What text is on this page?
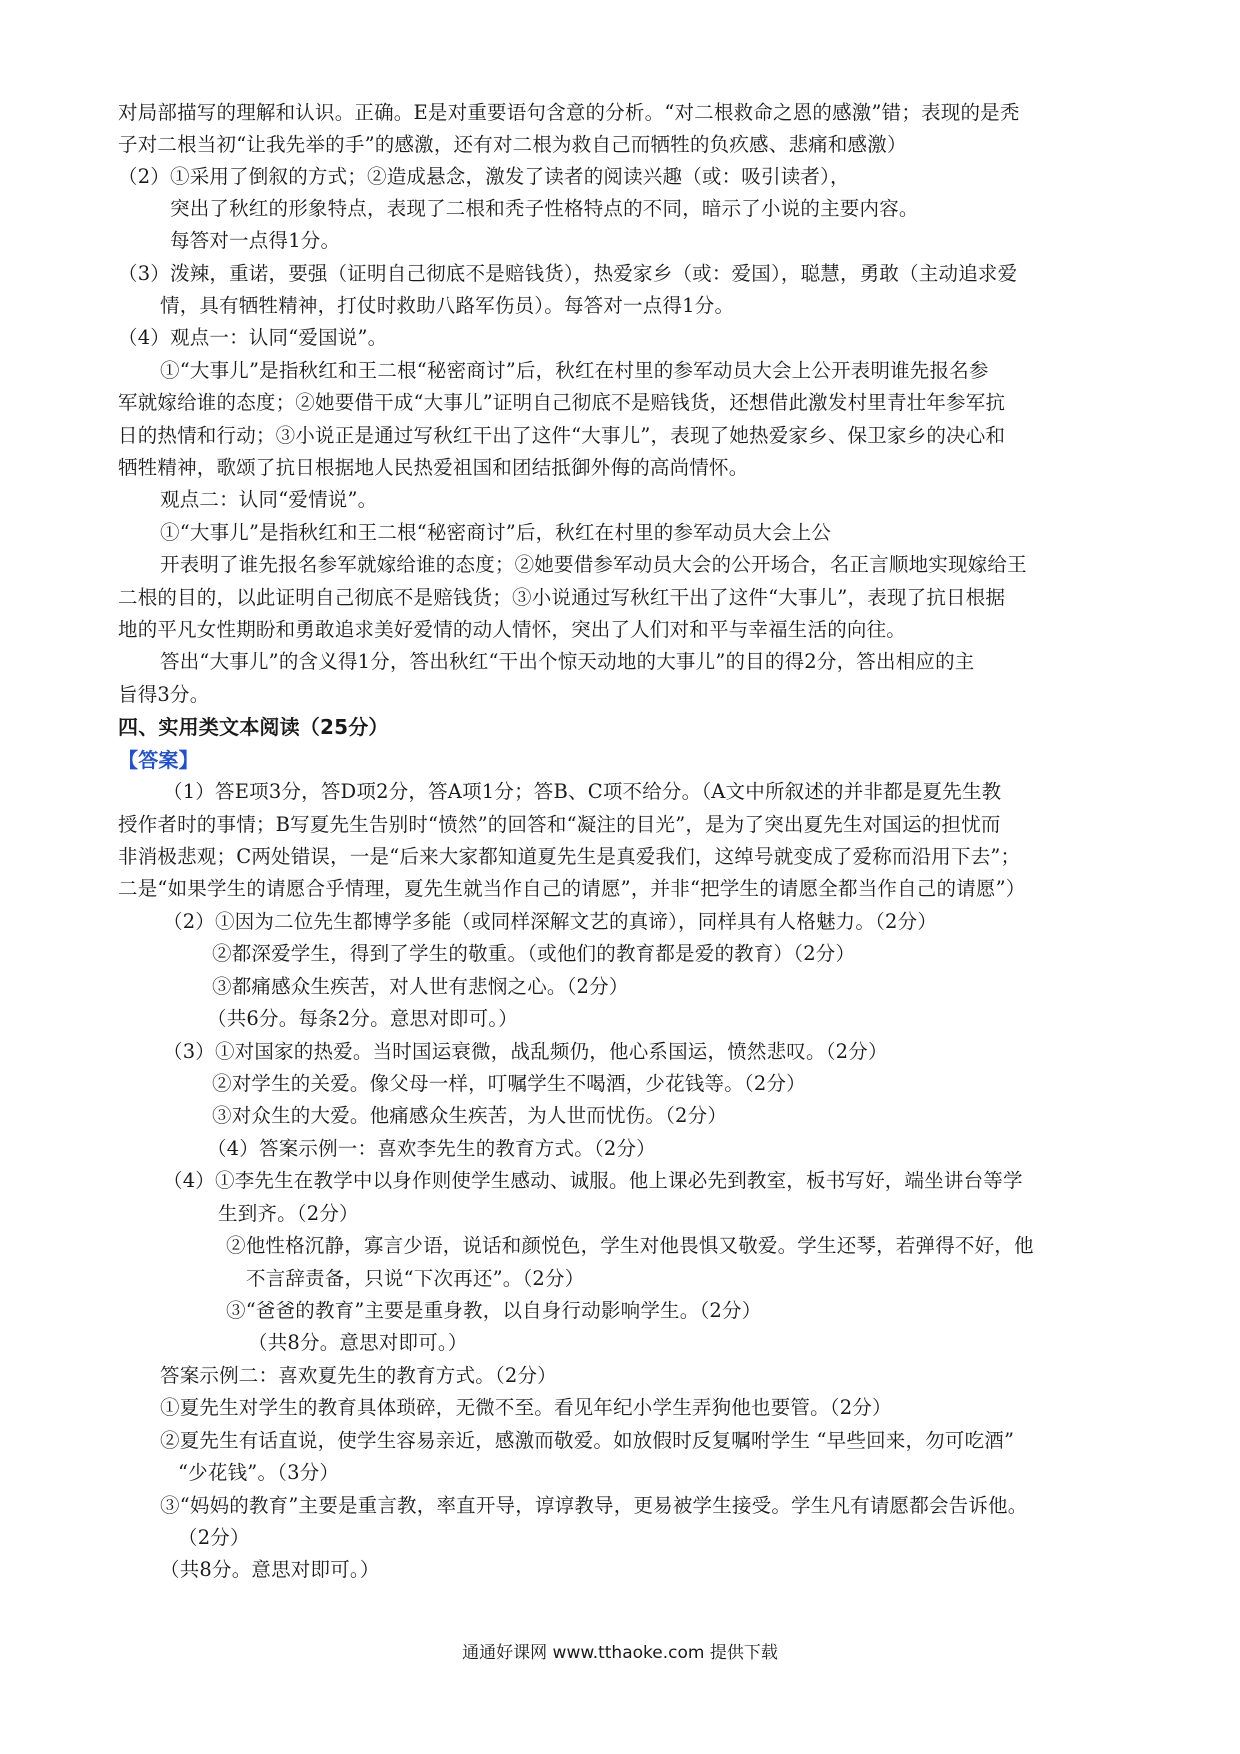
对局部描写的理解和认识。正确。E是对重要语句含意的分析。“对二根救命之恩的感激”错；表现的是秃
子对二根当初“让我先举的手”的感激，还有对二根为救自己而牺牲的负疚感、悲痛和感激）
（2）①采用了倒叙的方式；②造成悬念，激发了读者的阅读兴趣（或：吸引读者），
突出了秋红的形象特点，表现了二根和秃子性格特点的不同，暗示了小说的主要内容。
每答对一点得1分。
（3）泼辣，重诺，要强（证明自己彻底不是赔钱货），热爱家乡（或：爱国），聪慧，勇敢（主动追求爱
情，具有牺牲精神，打仗时救助八路军伤员）。每答对一点得1分。
（4）观点一：认同“爱国说”。
①“大事儿”是指秋红和王二根“秘密商讨”后，秋红在村里的参军动员大会上公开表明谁先报名参
军就嫁给谁的态度；②她要借干成“大事儿”证明自己彻底不是赔钱货，还想借此激发村里青壮年参军抗
日的热情和行动；③小说正是通过写秋红干出了这件“大事儿”，表现了她热爱家乡、保卫家乡的决心和
牺牲精神，歌颂了抗日根据地人民热爱祖国和团结抵御外侮的高尚情怀。
观点二：认同“爱情说”。
①“大事儿”是指秋红和王二根“秘密商讨”后，秋红在村里的参军动员大会上公
开表明了谁先报名参军就嫁给谁的态度；②她要借参军动员大会的公开场合，名正言顺地实现嫁给王
二根的目的，以此证明自己彻底不是赔钱货；③小说通过写秋红干出了这件“大事儿”，表现了抗日根据
地的平凡女性期盼和勇敢追求美好爱情的动人情怀，突出了人们对和平与幸福生活的向往。
答出“大事儿”的含义得1分，答出秋红“干出个惊天动地的大事儿”的目的得2分，答出相应的主
旨得3分。
四、实用类文本阅读（25分）
【答案】
（1）答E项3分，答D项2分，答A项1分；答B、C项不给分。（A文中所叙述的并非都是夏先生教
授作者时的事情；B写夏先生告别时“愤然”的回答和“凝注的目光”，是为了突出夏先生对国运的担忧而
非消极悲观；C两处错误，一是“后来大家都知道夏先生是真爱我们，这绰号就变成了爱称而沿用下去”；
二是“如果学生的请愿合乎情理，夏先生就当作自己的请愿”，并非“把学生的请愿全都当作自己的请愿”）
（2）①因为二位先生都博学多能（或同样深解文艺的真谛），同样具有人格魅力。（2分）
②都深爱学生，得到了学生的敬重。（或他们的教育都是爱的教育）（2分）
③都痛感众生疾苦，对人世有悲悯之心。（2分）
（共6分。每条2分。意思对即可。）
（3）①对国家的热爱。当时国运衰微，战乱频仍，他心系国运，愤然悲叹。（2分）
②对学生的关爱。像父母一样，叮嘱学生不喝酒，少花钱等。（2分）
③对众生的大爱。他痛感众生疾苦，为人世而忧伤。（2分）
（4）答案示例一：喜欢李先生的教育方式。（2分）
（4）①李先生在教学中以身作则使学生感动、诚服。他上课必先到教室，板书写好，端坐讲台等学
生到齐。（2分）
②他性格沉静，寡言少语，说话和颜悦色，学生对他畏惧又敬爱。学生还琴，若弹得不好，他
不言辞责备，只说“下次再还”。（2分）
③“爸爸的教育”主要是重身教，以自身行动影响学生。（2分）
（共8分。意思对即可。）
答案示例二：喜欢夏先生的教育方式。（2分）
①夏先生对学生的教育具体琐碎，无微不至。看见年纪小学生弄狗他也要管。（2分）
②夏先生有话直说，使学生容易亲近，感激而敬爱。如放假时反复嘱咐学生 “早些回来，勿可吃酒”
“少花钱”。（3分）
③“妈妈的教育”主要是重言教，率直开导，谆谆教导，更易被学生接受。学生凡有请愿都会告诉他。
（2分）
（共8分。意思对即可。）
通通好课网 www.tthaoke.com 提供下载
